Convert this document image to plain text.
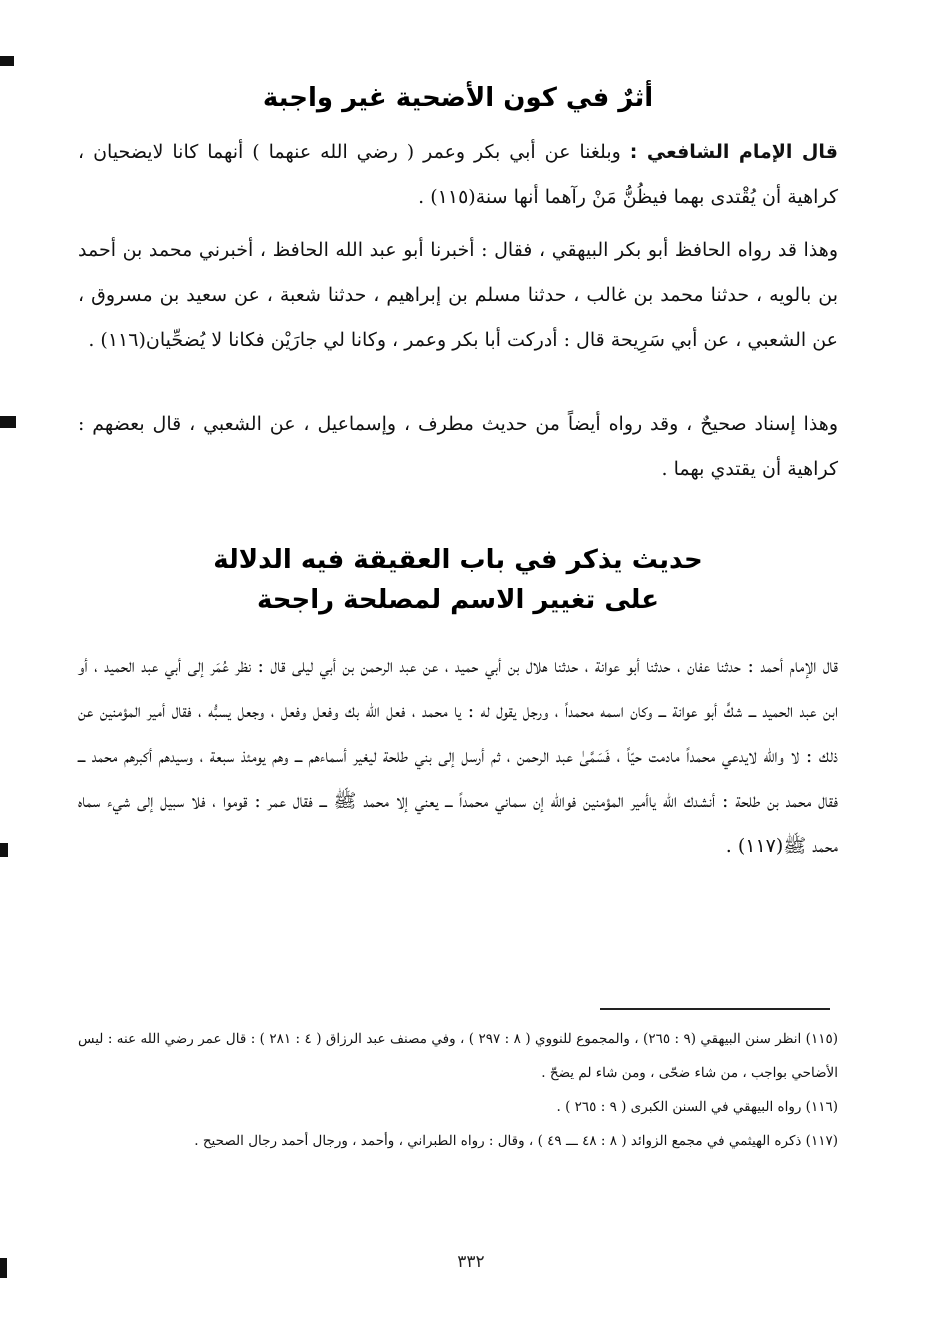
أثرٌ في كون الأضحية غير واجبة

قال الإمام الشافعي : وبلغنا عن أبي بكر وعمر ( رضي الله عنهما ) أنهما كانا لايضحيان ، كراهية أن يُقْتدى بهما فيظُنُّ مَنْ رآهما أنها سنة(١١٥) .

وهذا قد رواه الحافظ أبو بكر البيهقي ، فقال : أخبرنا أبو عبد الله الحافظ ، أخبرني محمد بن أحمد بن بالويه ، حدثنا محمد بن غالب ، حدثنا مسلم بن إبراهيم ، حدثنا شعبة ، عن سعيد بن مسروق ، عن الشعبي ، عن أبي سَرِيحة قال : أدركت أبا بكر وعمر ، وكانا لي جارَيْن فكانا لا يُضحِّيان(١١٦) .

وهذا إسناد صحيحٌ ، وقد رواه أيضاً من حديث مطرف ، وإسماعيل ، عن الشعبي ، قال بعضهم : كراهية أن يقتدي بهما .

حديث يذكر في باب العقيقة فيه الدلالة
على تغيير الاسم لمصلحة راجحة

قال الإمام أحمد : حدثنا عفان ، حدثنا أبو عوانة ، حدثنا هلال بن أبي حميد ، عن عبد الرحمن بن أبي ليلى قال : نظر عُمَر إلى أبي عبد الحميد ، أو ابن عبد الحميد ـــ شكَّ أبو عوانة ـــ وكان اسمه محمداً ، ورجل يقول له : يا محمد ، فعل الله بك وفعل وفعل ، وجعل يسبُّه ، فقال أمير المؤمنين عن ذلك : لا والله لايدعي محمداً مادمت حيّاً ، فَسَمَّىٰ عبد الرحمن ، ثم أرسل إلى بني طلحة ليغير أسماءهم ـــ وهم يومئذ سبعة ، وسيدهم أكبرهم محمد ـــ فقال محمد بن طلحة : أنشدك الله ياأمير المؤمنين فوالله إن سماني محمداً ـــ يعني إلا محمد ﷺ ـــ فقال عمر : قوموا ، فلا سبيل إلى شيء سماه محمد ﷺ(١١٧) .

(١١٥) انظر سنن البيهقي (٩ : ٢٦٥) ، والمجموع للنووي ( ٨ : ٢٩٧ ) ، وفي مصنف عبد الرزاق ( ٤ : ٢٨١ ) : قال عمر رضي الله عنه : ليس الأضاحي بواجب ، من شاء ضحّى ، ومن شاء لم يضحّ .

(١١٦) رواه البيهقي في السنن الكبرى ( ٩ : ٢٦٥ ) .

(١١٧) ذكره الهيثمي في مجمع الزوائد ( ٨ : ٤٨ ـــ ٤٩ ) ، وقال : رواه الطبراني ، وأحمد ، ورجال أحمد رجال الصحيح .

٣٣٢
